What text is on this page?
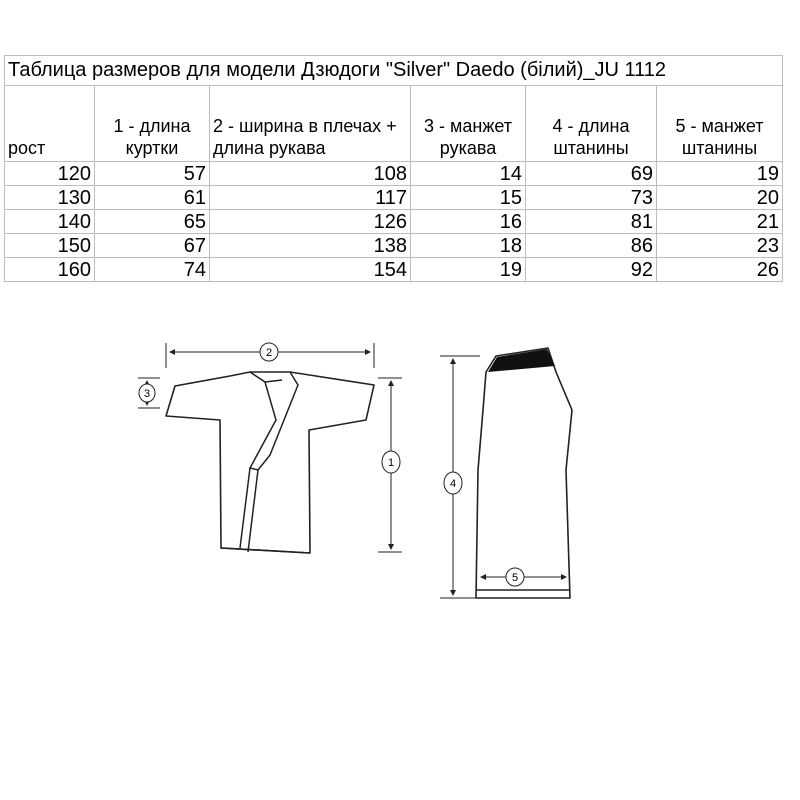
Таблица размеров для модели Дзюдоги "Silver" Daedo (білий)_JU 1112					
рост	1 - длина куртки	2 - ширина в плечах + длина рукава	3 - манжет рукава	4 - длина штанины	5 - манжет штанины
120	57	108	14	69	19
130	61	117	15	73	20
140	65	126	16	81	21
150	67	138	18	86	23
160	74	154	19	92	26
2
3
1
4
5
